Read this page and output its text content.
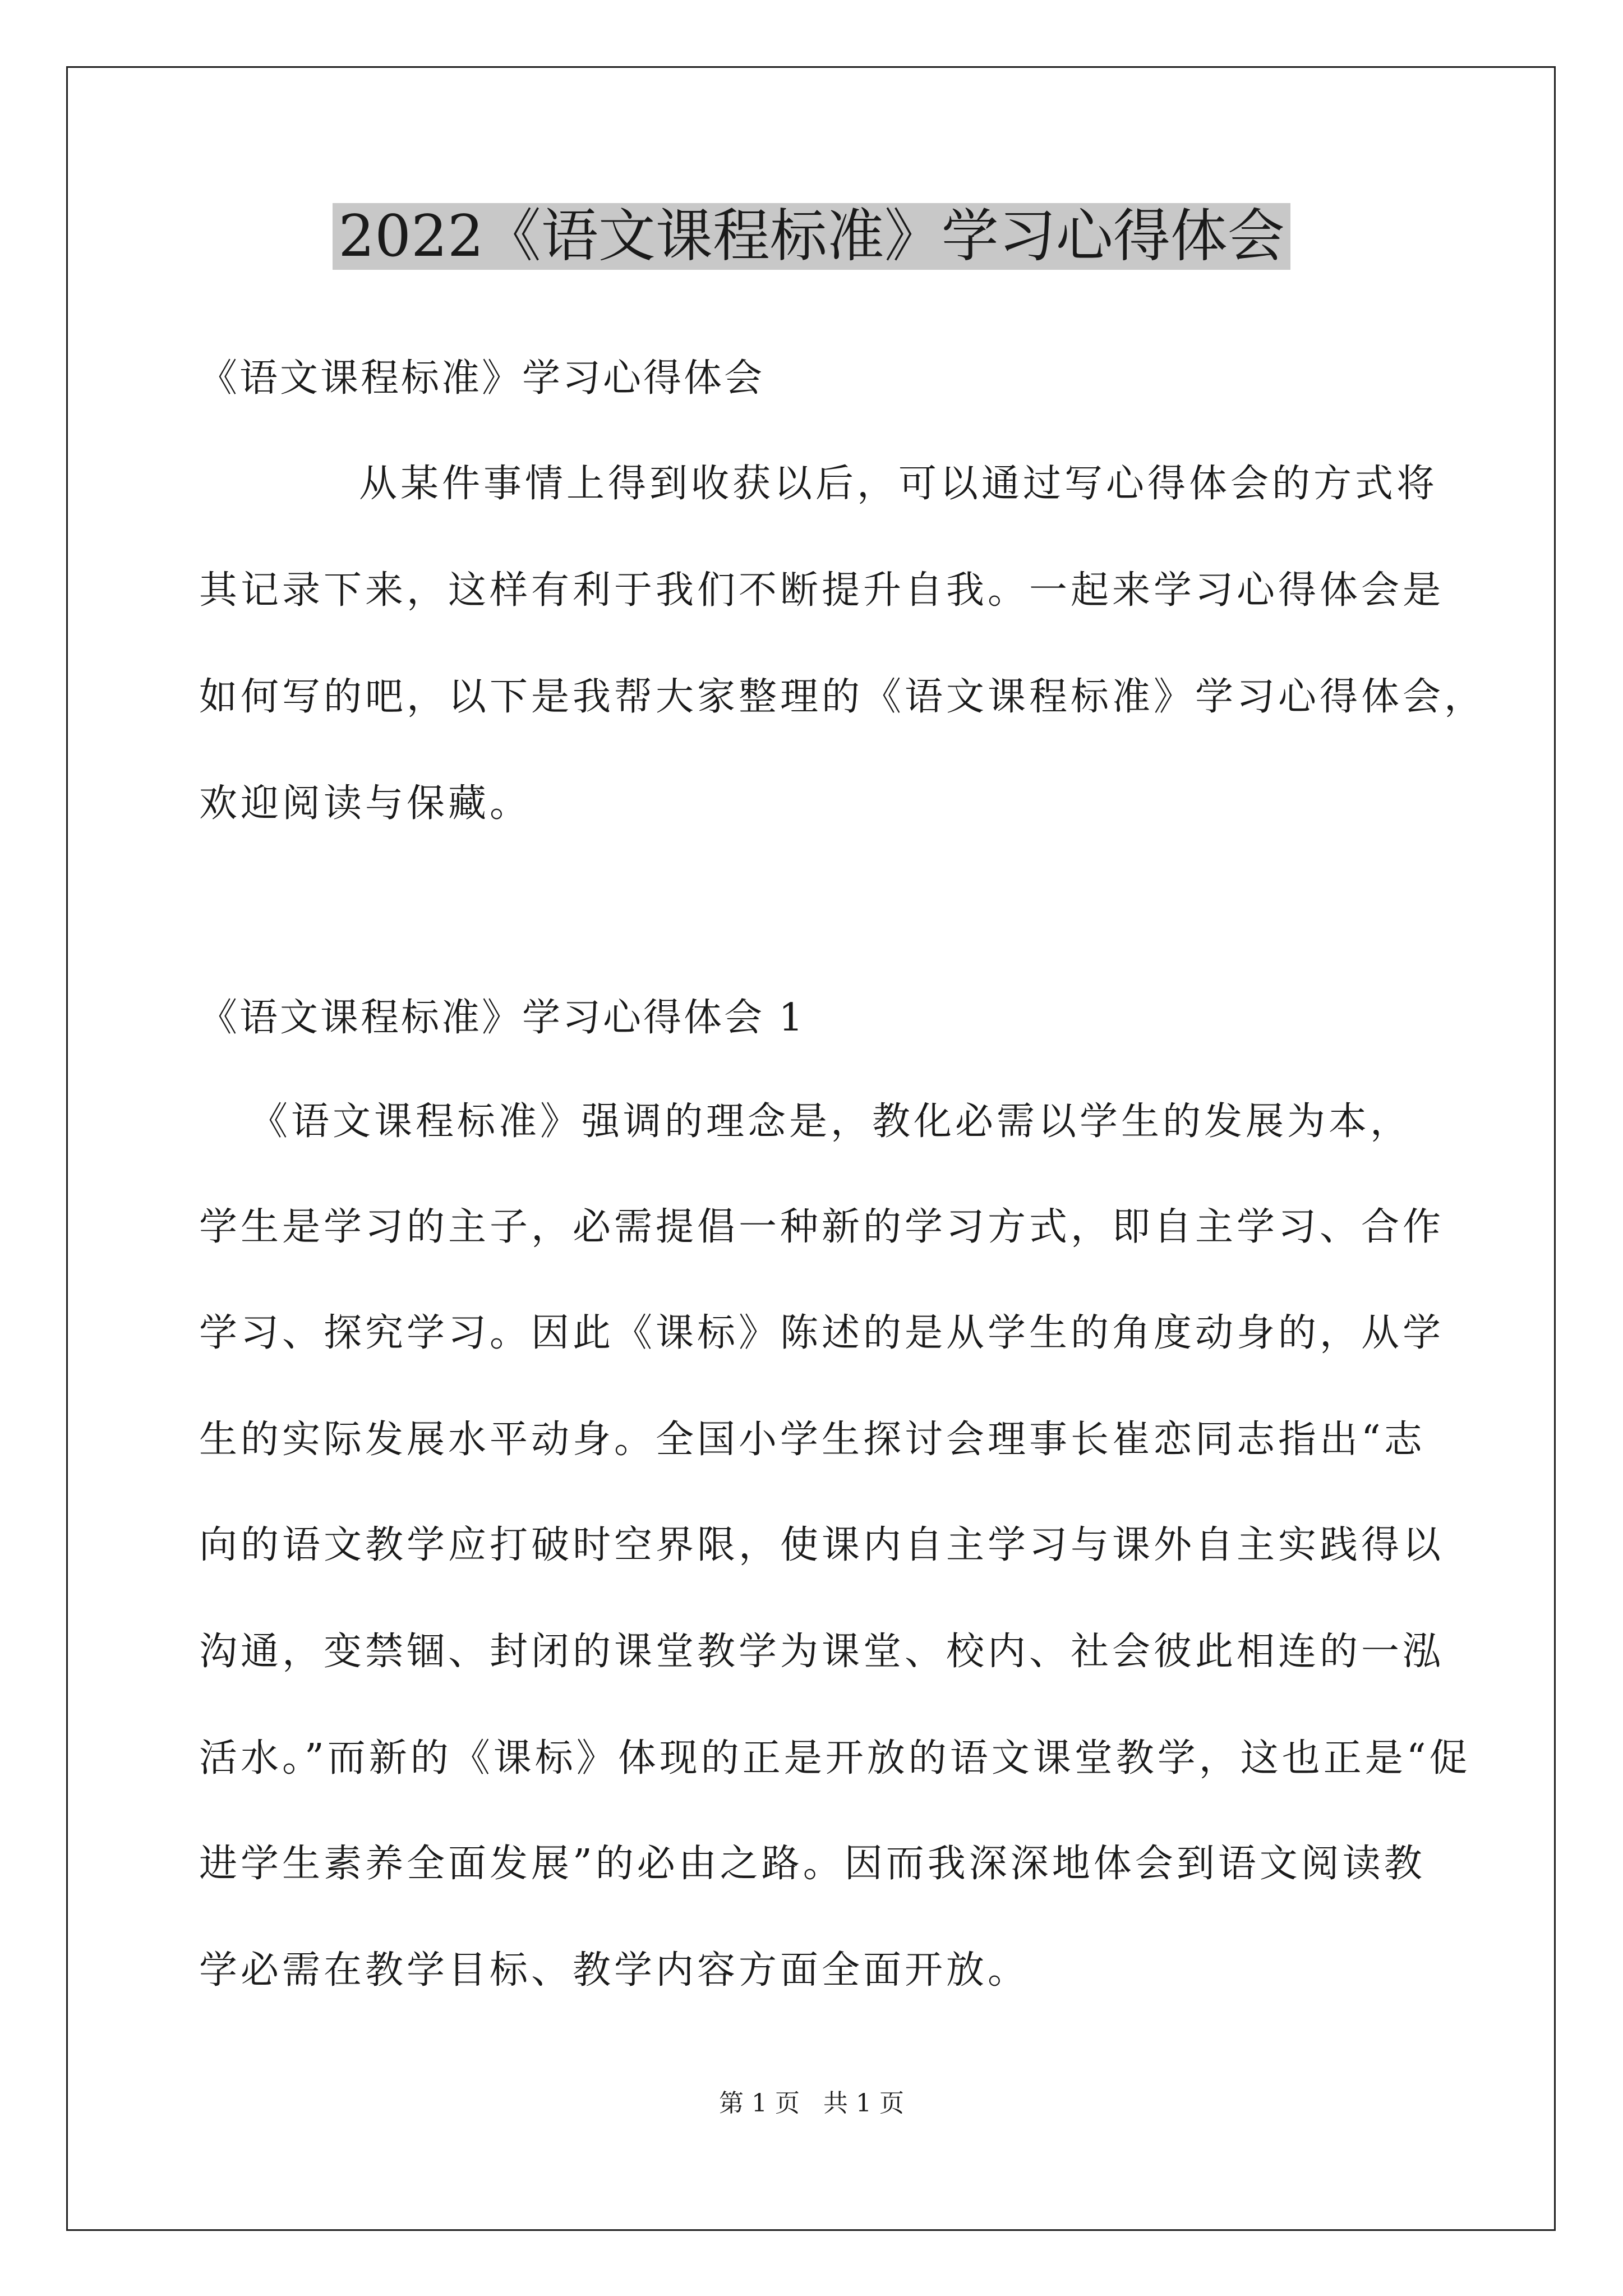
2022《语文课程标准》学习心得体会
《语文课程标准》学习心得体会
从某件事情上得到收获以后，可以通过写心得体会的方式将
其记录下来，这样有利于我们不断提升自我。一起来学习心得体会是
如何写的吧，以下是我帮大家整理的《语文课程标准》学习心得体会，
欢迎阅读与保藏。
《语文课程标准》学习心得体会 1
《语文课程标准》强调的理念是，教化必需以学生的发展为本，
学生是学习的主子，必需提倡一种新的学习方式，即自主学习、合作
学习、探究学习。因此《课标》陈述的是从学生的角度动身的，从学
生的实际发展水平动身。全国小学生探讨会理事长崔恋同志指出“志
向的语文教学应打破时空界限，使课内自主学习与课外自主实践得以
沟通，变禁锢、封闭的课堂教学为课堂、校内、社会彼此相连的一泓
活水。”而新的《课标》体现的正是开放的语文课堂教学，这也正是“促
进学生素养全面发展”的必由之路。因而我深深地体会到语文阅读教
学必需在教学目标、教学内容方面全面开放。
第 1 页 共 1 页
